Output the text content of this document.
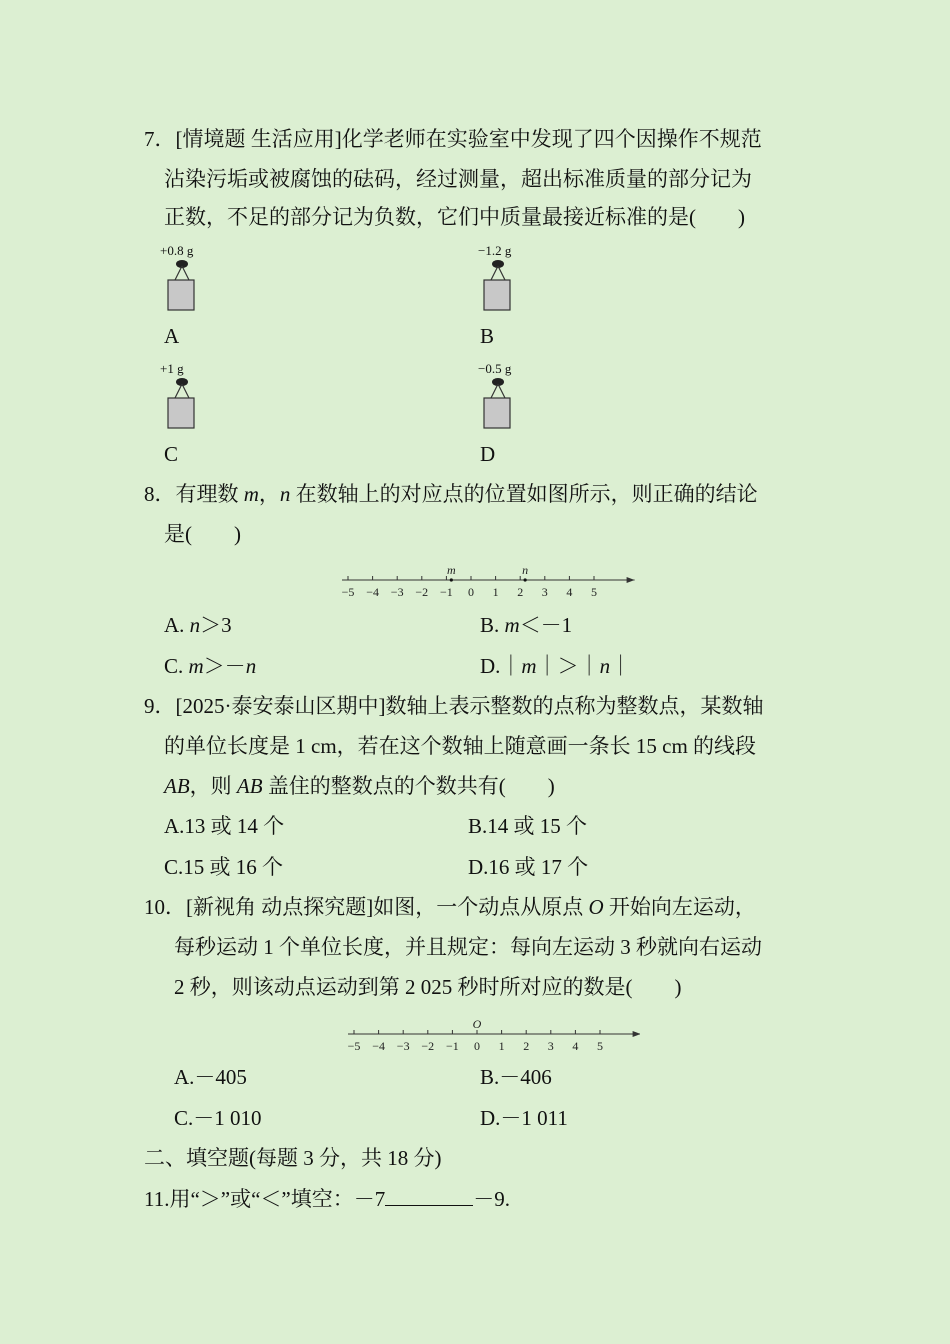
7．[情境题 生活应用]化学老师在实验室中发现了四个因操作不规范
沾染污垢或被腐蚀的砝码，经过测量，超出标准质量的部分记为
正数，不足的部分记为负数，它们中质量最接近标准的是(　　)
+0.8 g
A
−1.2 g
B
+1 g
C
−0.5 g
D
8．有理数 m，n 在数轴上的对应点的位置如图所示，则正确的结论
是(　　)
−5 −4 −3 −2 −1 0 1 2 3 4 5
m	n
A. n＞3	B. m＜－1
C. m＞－n	D.｜m｜＞｜n｜
9．[2025·泰安泰山区期中]数轴上表示整数的点称为整数点，某数轴
的单位长度是 1 cm，若在这个数轴上随意画一条长 15 cm 的线段
AB，则 AB 盖住的整数点的个数共有(　　)
A.13 或 14 个	B.14 或 15 个
C.15 或 16 个	D.16 或 17 个
10．[新视角 动点探究题]如图，一个动点从原点 O 开始向左运动，
每秒运动 1 个单位长度，并且规定：每向左运动 3 秒就向右运动
2 秒，则该动点运动到第 2 025 秒时所对应的数是(　　)
−5 −4 −3 −2 −1 0 1 2 3 4 5
O
A.－405	B.－406
C.－1 010	D.－1 011
二、填空题(每题 3 分，共 18 分)
11.用“＞”或“＜”填空：－7	－9.
